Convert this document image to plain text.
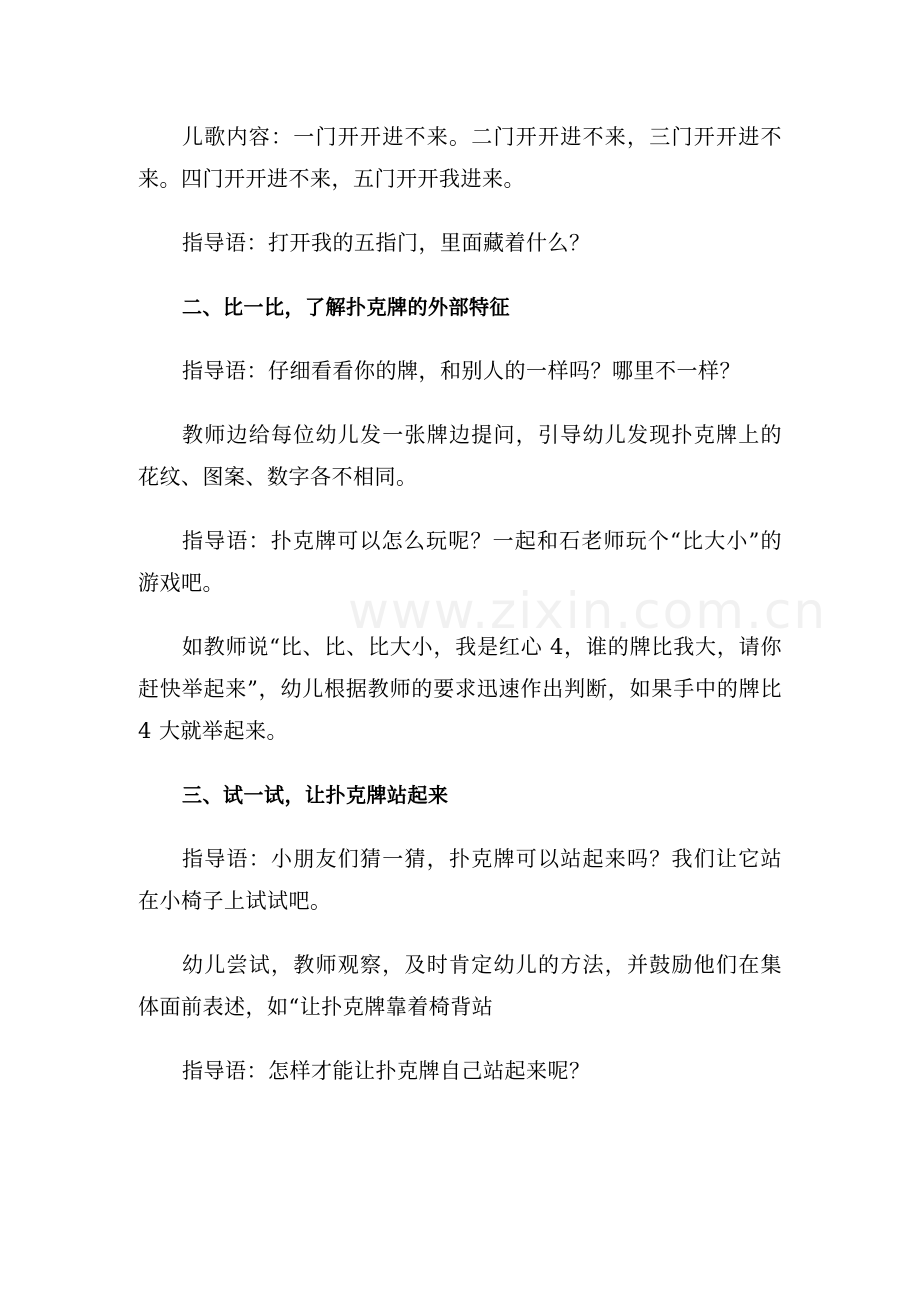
儿歌内容：一门开开进不来。二门开开进不来，三门开开进不来。四门开开进不来，五门开开我进来。

指导语：打开我的五指门，里面藏着什么？

二、比一比，了解扑克牌的外部特征

指导语：仔细看看你的牌，和别人的一样吗？哪里不一样？

教师边给每位幼儿发一张牌边提问，引导幼儿发现扑克牌上的花纹、图案、数字各不相同。

指导语：扑克牌可以怎么玩呢？一起和石老师玩个“比大小”的游戏吧。

如教师说“比、比、比大小，我是红心 4，谁的牌比我大，请你赶快举起来”，幼儿根据教师的要求迅速作出判断，如果手中的牌比 4 大就举起来。

三、试一试，让扑克牌站起来

指导语：小朋友们猜一猜，扑克牌可以站起来吗？我们让它站在小椅子上试试吧。

幼儿尝试，教师观察，及时肯定幼儿的方法，并鼓励他们在集体面前表述，如“让扑克牌靠着椅背站

指导语：怎样才能让扑克牌自己站起来呢？

www.zixin.com.cn
